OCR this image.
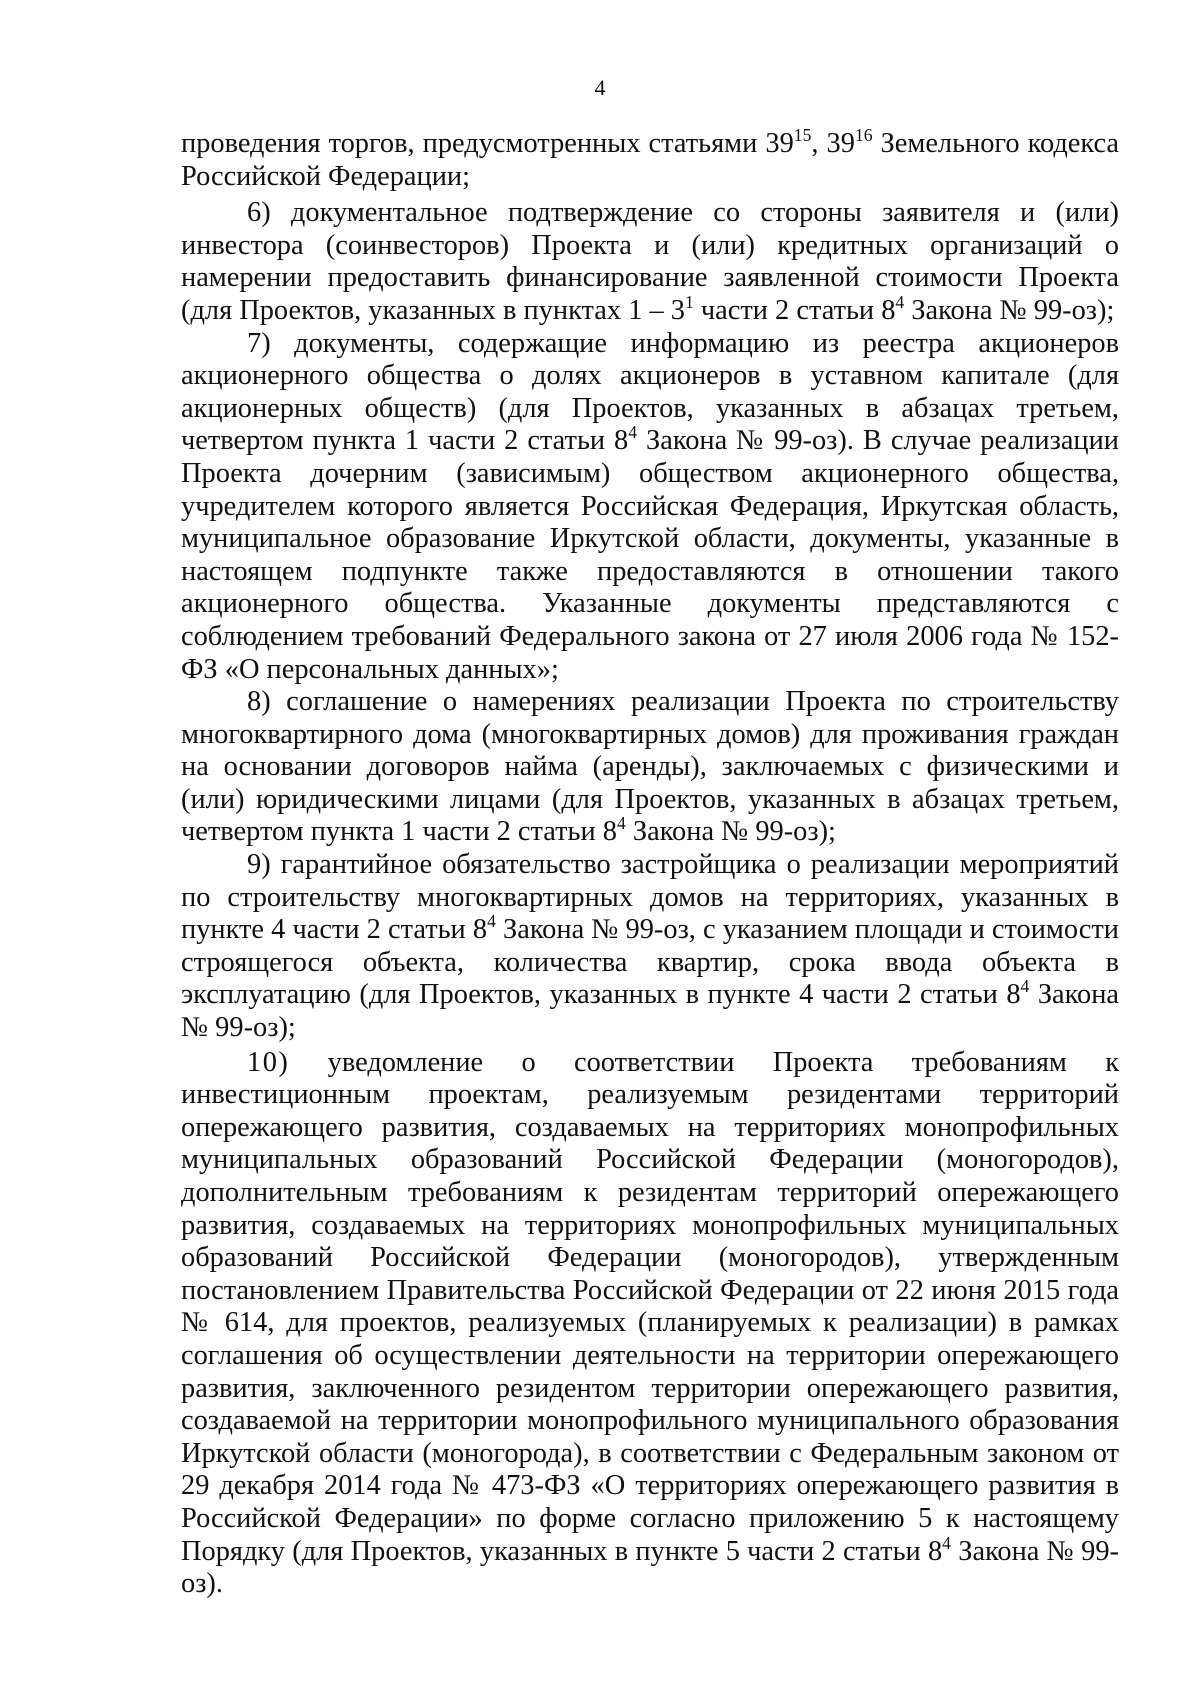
4

проведения торгов, предусмотренных статьями $39^{15}$, $39^{16}$ Земельного кодекса Российской Федерации;

6) документальное подтверждение со стороны заявителя и (или) инвестора (соинвесторов) Проекта и (или) кредитных организаций о намерении предоставить финансирование заявленной стоимости Проекта (для Проектов, указанных в пунктах $1 - 3^1$ части 2 статьи $8^4$ Закона № 99-оз);

7) документы, содержащие информацию из реестра акционеров акционерного общества о долях акционеров в уставном капитале (для акционерных обществ) (для Проектов, указанных в абзацах третьем, четвертом пункта 1 части 2 статьи $8^4$ Закона № 99-оз). В случае реализации Проекта дочерним (зависимым) обществом акционерного общества, учредителем которого является Российская Федерация, Иркутская область, муниципальное образование Иркутской области, документы, указанные в настоящем подпункте также предоставляются в отношении такого акционерного общества. Указанные документы представляются с соблюдением требований Федерального закона от 27 июля 2006 года № 152-ФЗ «О персональных данных»;

8) соглашение о намерениях реализации Проекта по строительству многоквартирного дома (многоквартирных домов) для проживания граждан на основании договоров найма (аренды), заключаемых с физическими и (или) юридическими лицами (для Проектов, указанных в абзацах третьем, четвертом пункта 1 части 2 статьи $8^4$ Закона № 99-оз);

9) гарантийное обязательство застройщика о реализации мероприятий по строительству многоквартирных домов на территориях, указанных в пункте 4 части 2 статьи $8^4$ Закона № 99-оз, с указанием площади и стоимости строящегося объекта, количества квартир, срока ввода объекта в эксплуатацию (для Проектов, указанных в пункте 4 части 2 статьи $8^4$ Закона № 99-оз);

10) уведомление о соответствии Проекта требованиям к инвестиционным проектам, реализуемым резидентами территорий опережающего развития, создаваемых на территориях монопрофильных муниципальных образований Российской Федерации (моногородов), дополнительным требованиям к резидентам территорий опережающего развития, создаваемых на территориях монопрофильных муниципальных образований Российской Федерации (моногородов), утвержденным постановлением Правительства Российской Федерации от 22 июня 2015 года № 614, для проектов, реализуемых (планируемых к реализации) в рамках соглашения об осуществлении деятельности на территории опережающего развития, заключенного резидентом территории опережающего развития, создаваемой на территории монопрофильного муниципального образования Иркутской области (моногорода), в соответствии с Федеральным законом от 29 декабря 2014 года № 473-ФЗ «О территориях опережающего развития в Российской Федерации» по форме согласно приложению 5 к настоящему Порядку (для Проектов, указанных в пункте 5 части 2 статьи $8^4$ Закона № 99-оз).
